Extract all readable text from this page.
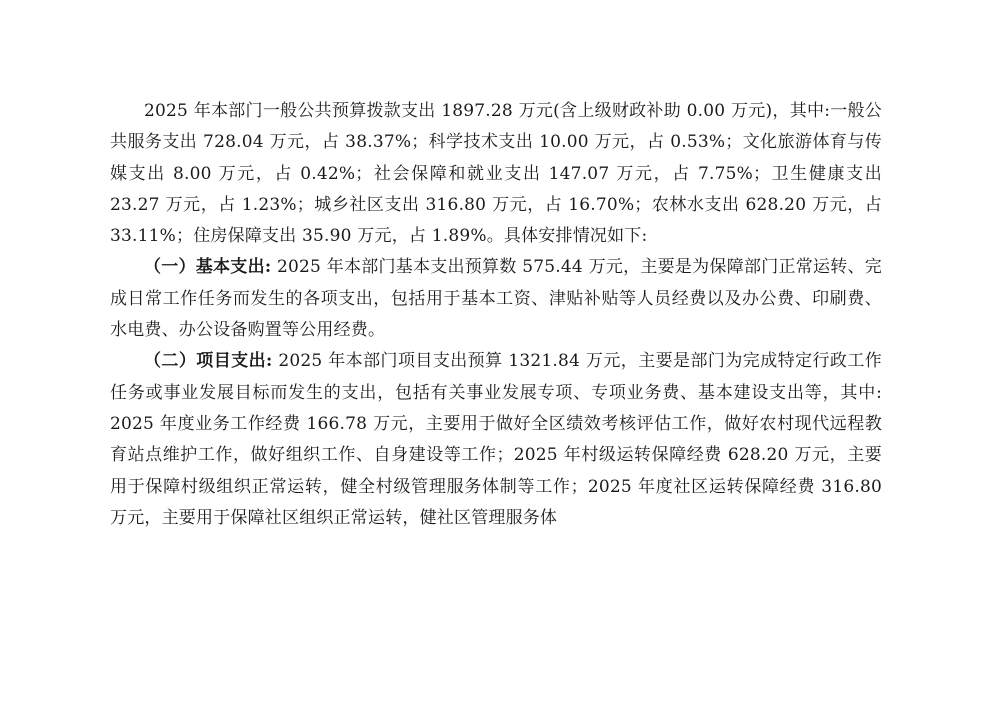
2025 年本部门一般公共预算拨款支出 1897.28 万元(含上级财政补助 0.00 万元)，其中:一般公共服务支出 728.04 万元，占 38.37%；科学技术支出 10.00 万元，占 0.53%；文化旅游体育与传媒支出 8.00 万元，占 0.42%；社会保障和就业支出 147.07 万元，占 7.75%；卫生健康支出 23.27 万元，占 1.23%；城乡社区支出 316.80 万元，占 16.70%；农林水支出 628.20 万元，占 33.11%；住房保障支出 35.90 万元，占 1.89%。具体安排情况如下:

（一）基本支出: 2025 年本部门基本支出预算数 575.44 万元，主要是为保障部门正常运转、完成日常工作任务而发生的各项支出，包括用于基本工资、津贴补贴等人员经费以及办公费、印刷费、水电费、办公设备购置等公用经费。

（二）项目支出: 2025 年本部门项目支出预算 1321.84 万元，主要是部门为完成特定行政工作任务或事业发展目标而发生的支出，包括有关事业发展专项、专项业务费、基本建设支出等，其中: 2025 年度业务工作经费 166.78 万元，主要用于做好全区绩效考核评估工作，做好农村现代远程教育站点维护工作，做好组织工作、自身建设等工作；2025 年村级运转保障经费 628.20 万元，主要用于保障村级组织正常运转，健全村级管理服务体制等工作；2025 年度社区运转保障经费 316.80 万元，主要用于保障社区组织正常运转，健社区管理服务体
